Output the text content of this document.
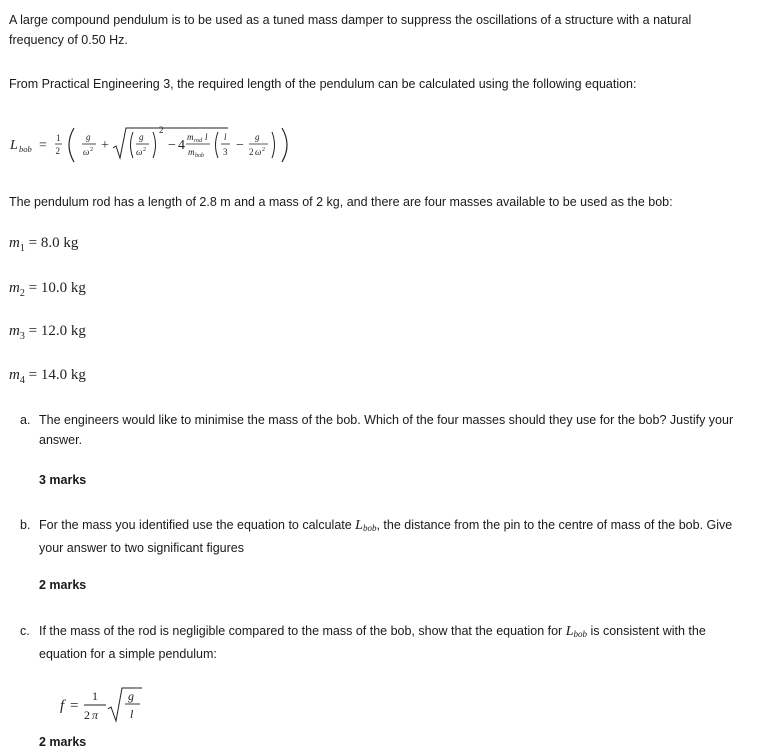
A large compound pendulum is to be used as a tuned mass damper to suppress the oscillations of a structure with a natural frequency of 0.50 Hz.

From Practical Engineering 3, the required length of the pendulum can be calculated using the following equation:

L bob = 1
2
g
ω 2 +
g
ω 2
2
− 4
m rod l
m bob
l
3 −
g
2 ω 2

The pendulum rod has a length of 2.8 m and a mass of 2 kg, and there are four masses available to be used as the bob:

$m_1 = 8.0$ kg
$m_2 = 10.0$ kg
$m_3 = 12.0$ kg
$m_4 = 14.0$ kg
a. The engineers would like to minimise the mass of the bob. Which of the four masses should they use for the bob? Justify your answer.
3 marks
b. For the mass you identified use the equation to calculate $L_{bob}$, the distance from the pin to the centre of mass of the bob. Give your answer to two significant figures
2 marks
c. If the mass of the rod is negligible compared to the mass of the bob, show that the equation for $L_{bob}$ is consistent with the equation for a simple pendulum:
f =
1
2 π
g
l
2 marks
